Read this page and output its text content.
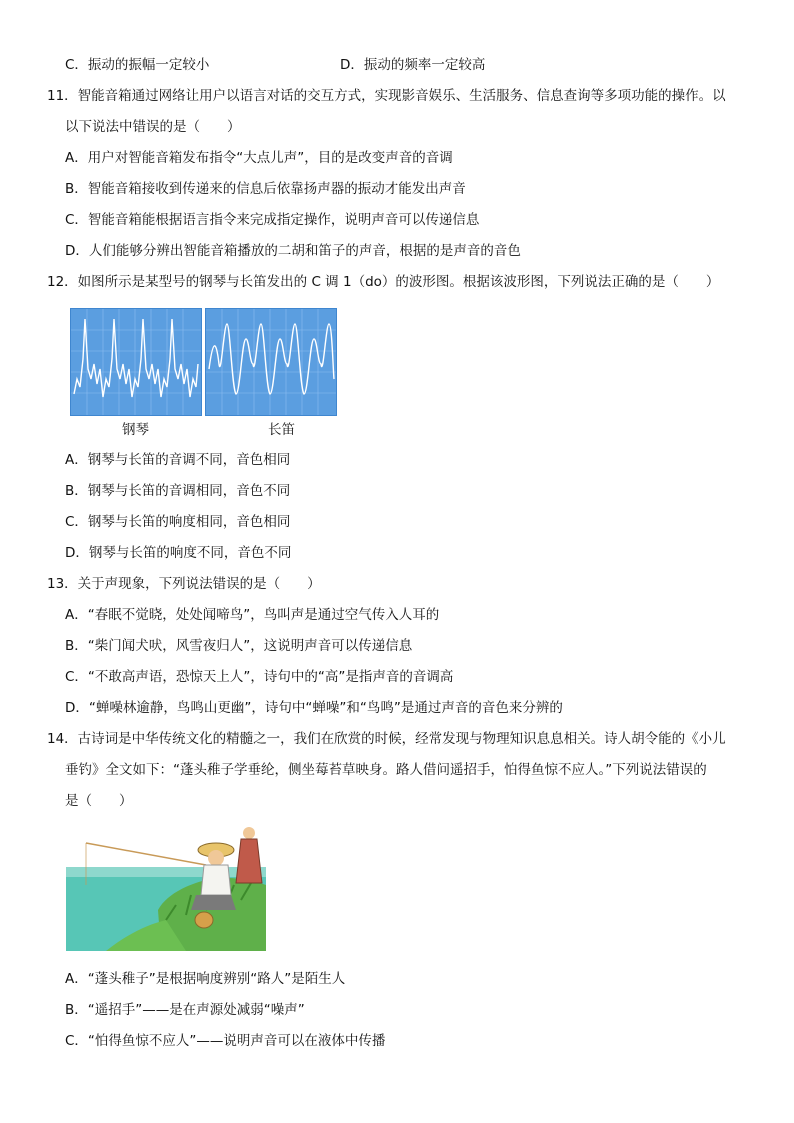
C．振动的振幅一定较小	D．振动的频率一定较高
11．智能音箱通过网络让用户以语言对话的交互方式，实现影音娱乐、生活服务、信息查询等多项功能的操作。以
以下说法中错误的是（　　）
A．用户对智能音箱发布指令“大点儿声”，目的是改变声音的音调
B．智能音箱接收到传递来的信息后依靠扬声器的振动才能发出声音
C．智能音箱能根据语言指令来完成指定操作，说明声音可以传递信息
D．人们能够分辨出智能音箱播放的二胡和笛子的声音，根据的是声音的音色
12．如图所示是某型号的钢琴与长笛发出的 C 调 1（do）的波形图。根据该波形图，下列说法正确的是（　　）
钢琴	长笛
A．钢琴与长笛的音调不同，音色相同
B．钢琴与长笛的音调相同，音色不同
C．钢琴与长笛的响度相同，音色相同
D．钢琴与长笛的响度不同，音色不同
13．关于声现象，下列说法错误的是（　　）
A．“春眠不觉晓，处处闻啼鸟”，鸟叫声是通过空气传入人耳的
B．“柴门闻犬吠，风雪夜归人”，这说明声音可以传递信息
C．“不敢高声语，恐惊天上人”，诗句中的“高”是指声音的音调高
D．“蝉噪林逾静，鸟鸣山更幽”，诗句中“蝉噪”和“鸟鸣”是通过声音的音色来分辨的
14．古诗词是中华传统文化的精髓之一，我们在欣赏的时候，经常发现与物理知识息息相关。诗人胡令能的《小儿
垂钓》全文如下：“蓬头稚子学垂纶，侧坐莓苔草映身。路人借问遥招手，怕得鱼惊不应人。”下列说法错误的
是（　　）
A．“蓬头稚子”是根据响度辨别“路人”是陌生人
B．“遥招手”——是在声源处减弱“噪声”
C．“怕得鱼惊不应人”——说明声音可以在液体中传播
